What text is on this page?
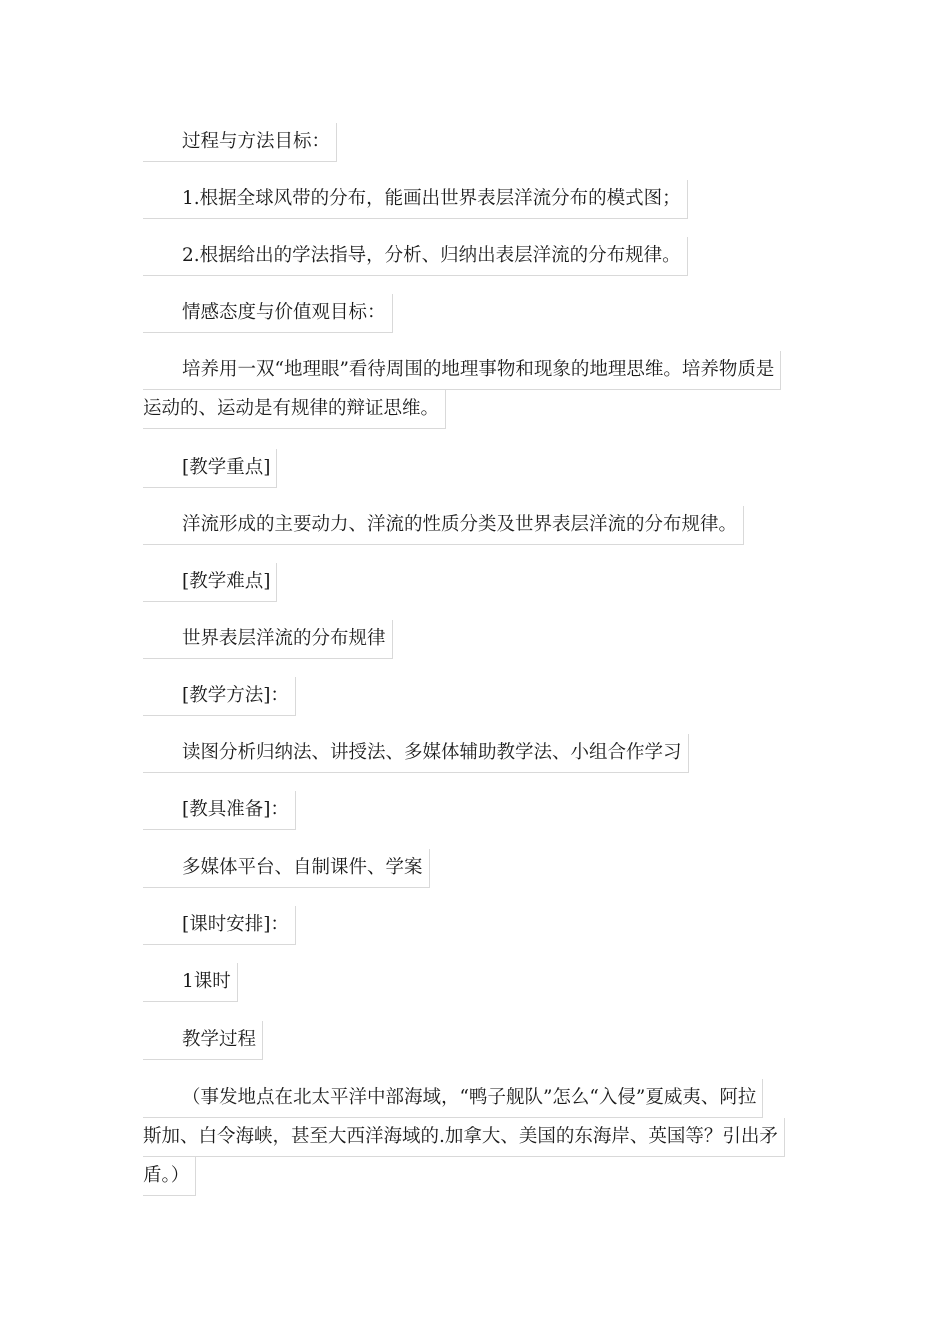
过程与方法目标：
1.根据全球风带的分布，能画出世界表层洋流分布的模式图；
2.根据给出的学法指导，分析、归纳出表层洋流的分布规律。
情感态度与价值观目标：
培养用一双“地理眼”看待周围的地理事物和现象的地理思维。培养物质是
运动的、运动是有规律的辩证思维。
[教学重点]
洋流形成的主要动力、洋流的性质分类及世界表层洋流的分布规律。
[教学难点]
世界表层洋流的分布规律
[教学方法]：
读图分析归纳法、讲授法、多媒体辅助教学法、小组合作学习
[教具准备]：
多媒体平台、自制课件、学案
[课时安排]：
1课时
教学过程
（事发地点在北太平洋中部海域，“鸭子舰队”怎么“入侵”夏威夷、阿拉
斯加、白令海峡，甚至大西洋海域的.加拿大、美国的东海岸、英国等？引出矛
盾。）
